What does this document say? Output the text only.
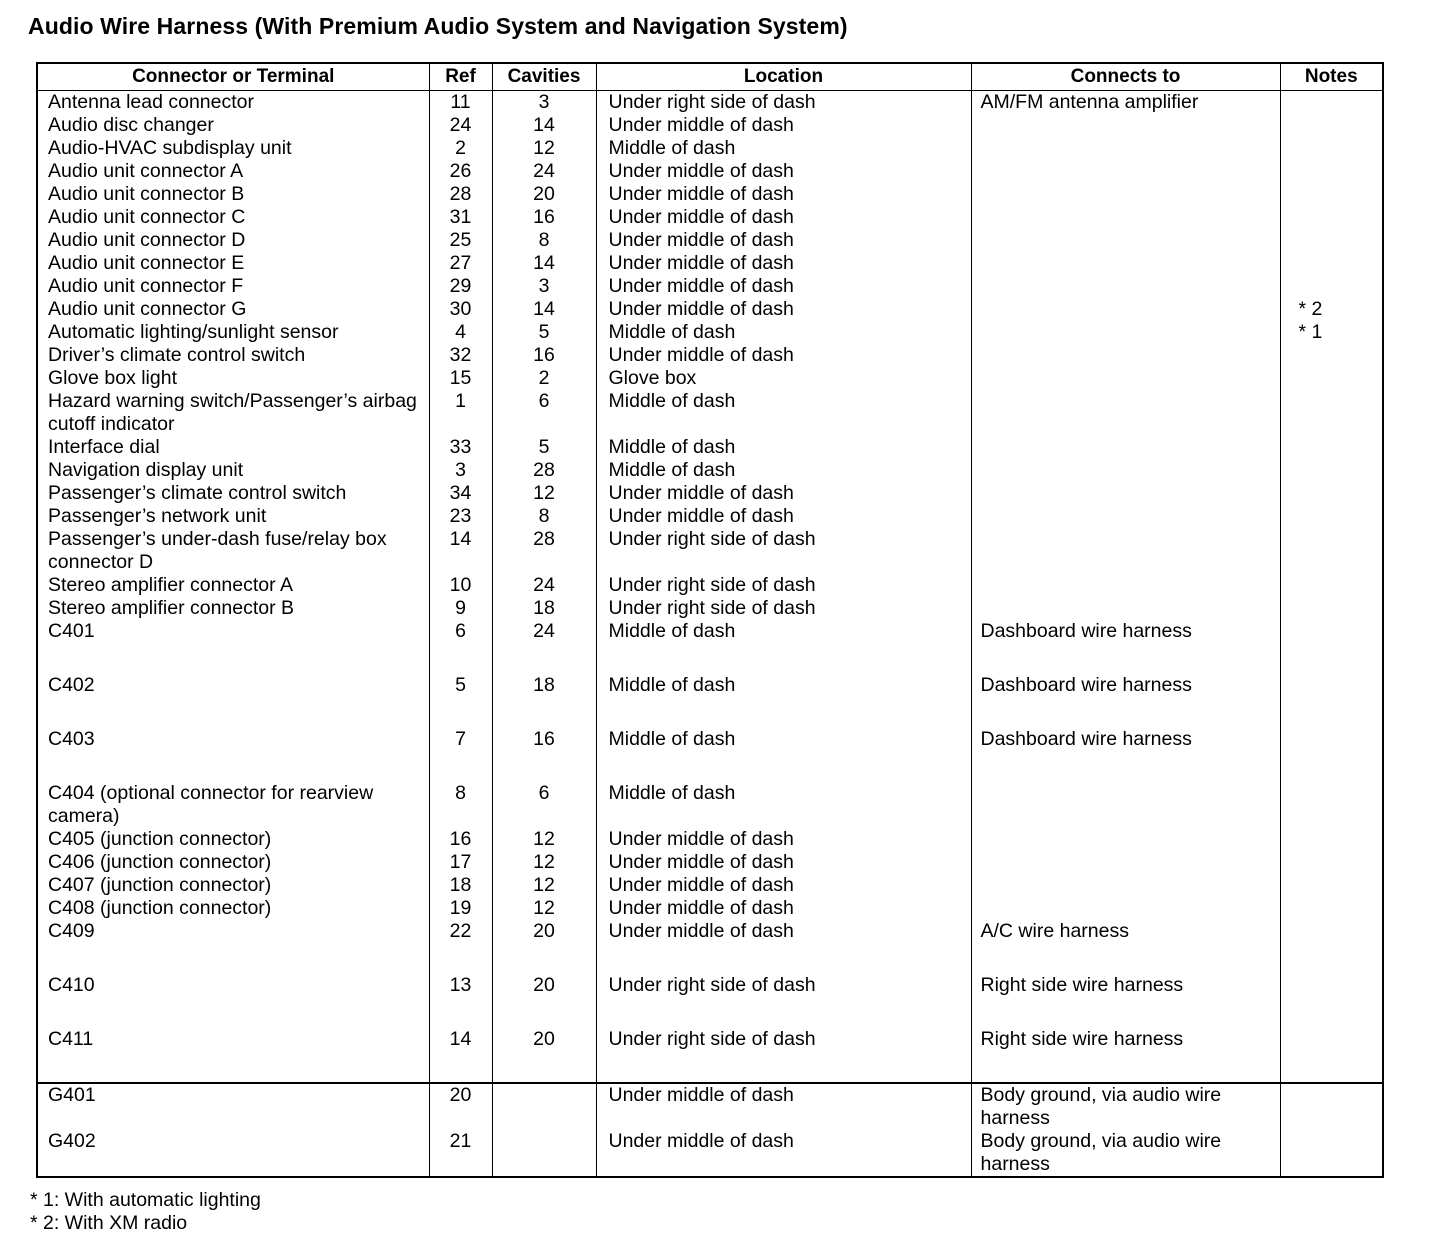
Audio Wire Harness (With Premium Audio System and Navigation System)
Connector or Terminal	Ref	Cavities	Location	Connects to	Notes
Antenna lead connector	11	3	Under right side of dash	AM/FM antenna amplifier	
Audio disc changer	24	14	Under middle of dash		
Audio-HVAC subdisplay unit	2	12	Middle of dash		
Audio unit connector A	26	24	Under middle of dash		
Audio unit connector B	28	20	Under middle of dash		
Audio unit connector C	31	16	Under middle of dash		
Audio unit connector D	25	8	Under middle of dash		
Audio unit connector E	27	14	Under middle of dash		
Audio unit connector F	29	3	Under middle of dash		
Audio unit connector G	30	14	Under middle of dash		* 2
Automatic lighting/sunlight sensor	4	5	Middle of dash		* 1
Driver’s climate control switch	32	16	Under middle of dash		
Glove box light	15	2	Glove box		
Hazard warning switch/Passenger’s airbag cutoff indicator	1	6	Middle of dash		
Interface dial	33	5	Middle of dash		
Navigation display unit	3	28	Middle of dash		
Passenger’s climate control switch	34	12	Under middle of dash		
Passenger’s network unit	23	8	Under middle of dash		
Passenger’s under-dash fuse/relay box connector D	14	28	Under right side of dash		
Stereo amplifier connector A	10	24	Under right side of dash		
Stereo amplifier connector B	9	18	Under right side of dash		
C401	6	24	Middle of dash	Dashboard wire harness	
C402	5	18	Middle of dash	Dashboard wire harness	
C403	7	16	Middle of dash	Dashboard wire harness	
C404 (optional connector for rearview camera)	8	6	Middle of dash		
C405 (junction connector)	16	12	Under middle of dash		
C406 (junction connector)	17	12	Under middle of dash		
C407 (junction connector)	18	12	Under middle of dash		
C408 (junction connector)	19	12	Under middle of dash		
C409	22	20	Under middle of dash	A/C wire harness	
C410	13	20	Under right side of dash	Right side wire harness	
C411	14	20	Under right side of dash	Right side wire harness	
G401	20		Under middle of dash	Body ground, via audio wire harness	
G402	21		Under middle of dash	Body ground, via audio wire harness	
* 1: With automatic lighting
* 2: With XM radio
